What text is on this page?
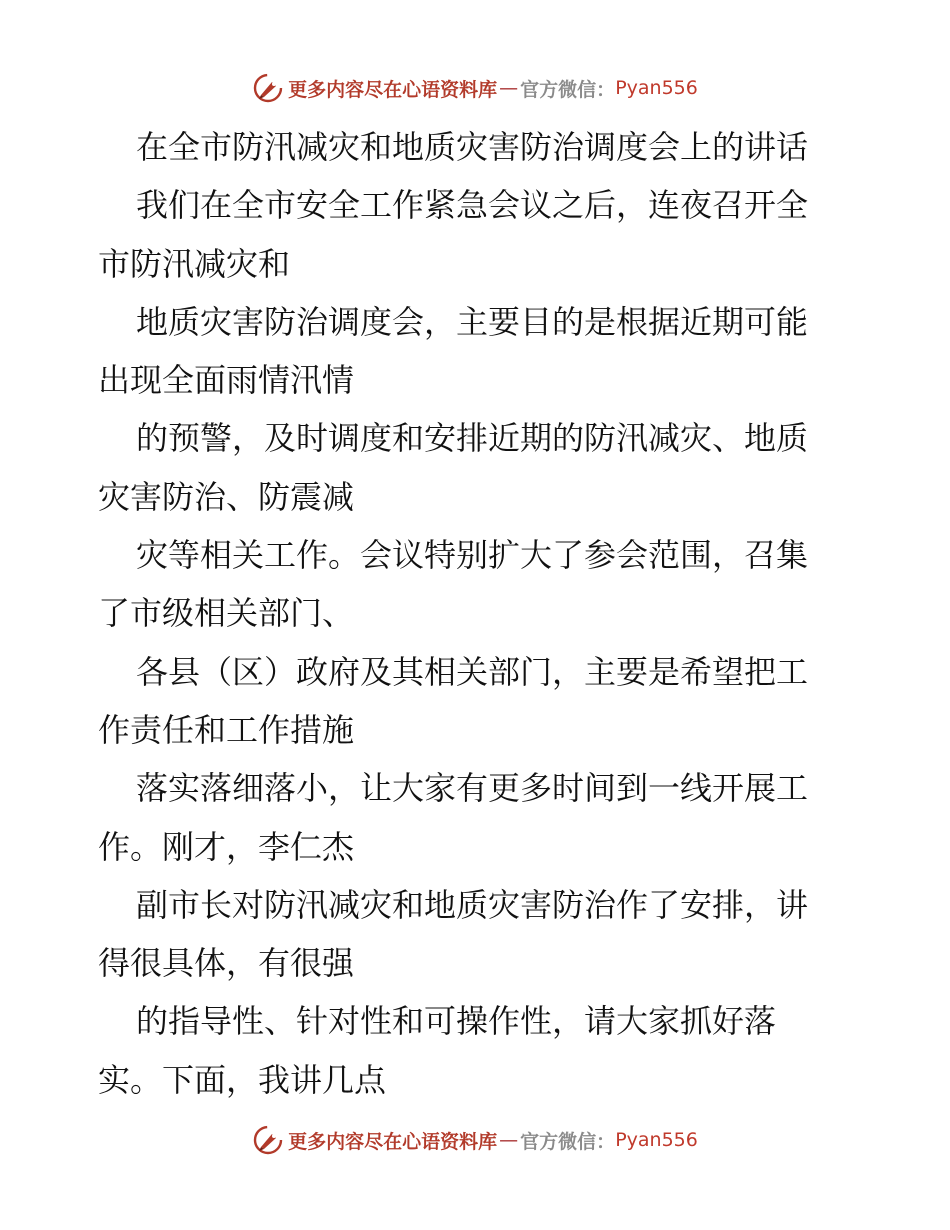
更多内容尽在心语资料库 — 官方微信： Pyan556
在全市防汛减灾和地质灾害防治调度会上的讲话
我们在全市安全工作紧急会议之后，连夜召开全
市防汛减灾和
地质灾害防治调度会，主要目的是根据近期可能
出现全面雨情汛情
的预警，及时调度和安排近期的防汛减灾、地质
灾害防治、防震减
灾等相关工作。会议特别扩大了参会范围，召集
了市级相关部门、
各县（区）政府及其相关部门，主要是希望把工
作责任和工作措施
落实落细落小，让大家有更多时间到一线开展工
作。刚才，李仁杰
副市长对防汛减灾和地质灾害防治作了安排，讲
得很具体，有很强
的指导性、针对性和可操作性，请大家抓好落
实。下面，我讲几点
更多内容尽在心语资料库 — 官方微信： Pyan556
